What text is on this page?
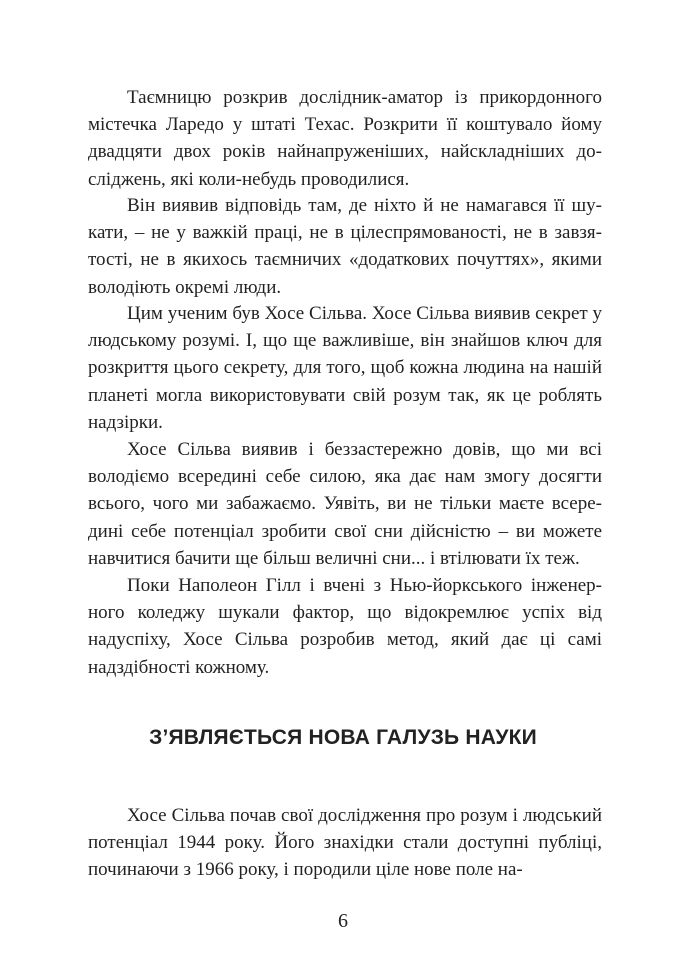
Таємницю розкрив дослідник-аматор із прикордонного містечка Ларедо у штаті Техас. Розкрити її коштувало йому двадцяти двох років найнапруженіших, найскладніших досліджень, які коли-небудь проводилися.

Він виявив відповідь там, де ніхто й не намагався її шукати, – не у важкій праці, не в цілеспрямованості, не в завзятості, не в якихось таємничих «додаткових почуттях», якими володіють окремі люди.

Цим ученим був Хосе Сільва. Хосе Сільва виявив секрет у людському розумі. І, що ще важливіше, він знайшов ключ для розкриття цього секрету, для того, щоб кожна людина на нашій планеті могла використовувати свій розум так, як це роблять надзірки.

Хосе Сільва виявив і беззастережно довів, що ми всі володіємо всередині себе силою, яка дає нам змогу досягти всього, чого ми забажаємо. Уявіть, ви не тільки маєте всередині себе потенціал зробити свої сни дійсністю – ви можете навчитися бачити ще більш величні сни... і втілювати їх теж.

Поки Наполеон Гілл і вчені з Нью-йоркського інженерного коледжу шукали фактор, що відокремлює успіх від надуспіху, Хосе Сільва розробив метод, який дає ці самі надздібності кожному.

З’ЯВЛЯЄТЬСЯ НОВА ГАЛУЗЬ НАУКИ

Хосе Сільва почав свої дослідження про розум і людський потенціал 1944 року. Його знахідки стали доступні публіці, починаючи з 1966 року, і породили ціле нове поле на-

6
